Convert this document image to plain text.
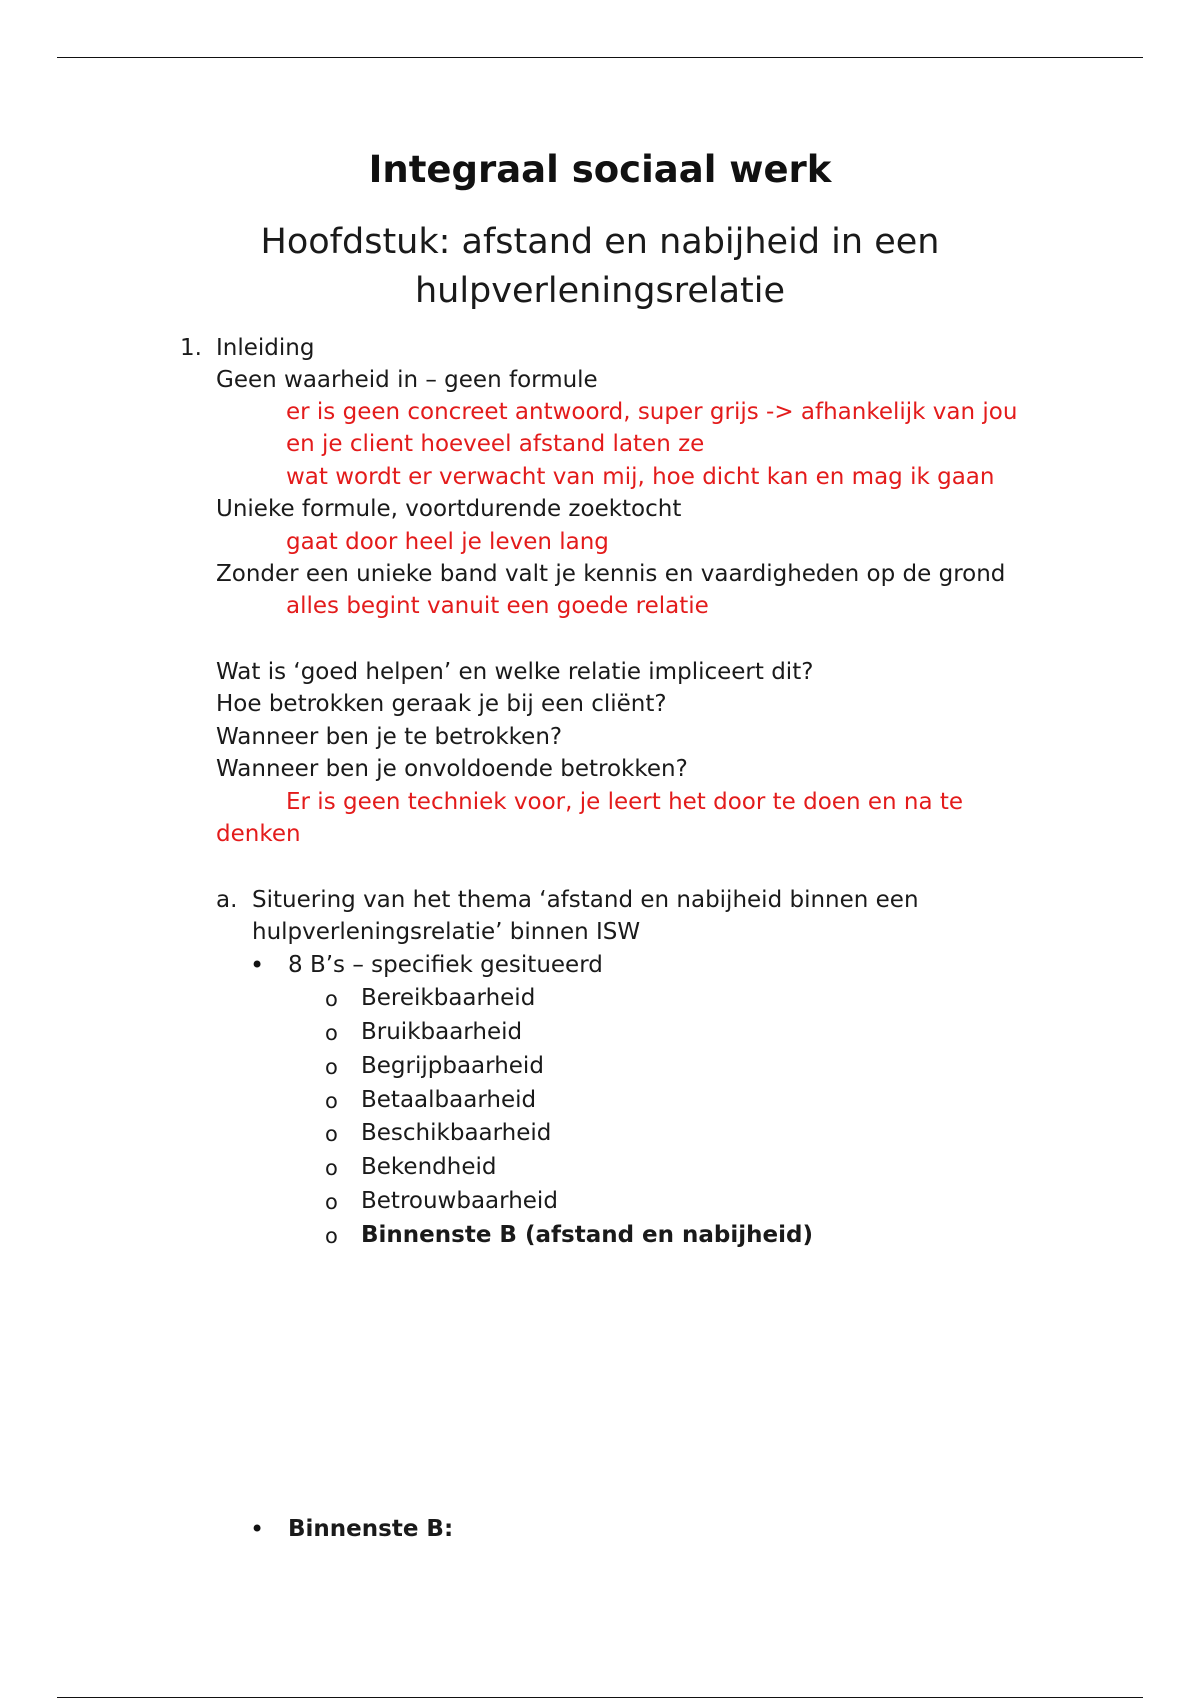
Integraal sociaal werk
Hoofdstuk: afstand en nabijheid in een hulpverleningsrelatie
1. Inleiding
Geen waarheid in – geen formule
er is geen concreet antwoord, super grijs -> afhankelijk van jou
en je client hoeveel afstand laten ze
wat wordt er verwacht van mij, hoe dicht kan en mag ik gaan
Unieke formule, voortdurende zoektocht
gaat door heel je leven lang
Zonder een unieke band valt je kennis en vaardigheden op de grond
alles begint vanuit een goede relatie
Wat is ‘goed helpen’ en welke relatie impliceert dit?
Hoe betrokken geraak je bij een cliënt?
Wanneer ben je te betrokken?
Wanneer ben je onvoldoende betrokken?
Er is geen techniek voor, je leert het door te doen en na te
denken
a. Situering van het thema ‘afstand en nabijheid binnen een
hulpverleningsrelatie’ binnen ISW
• 8 B’s – specifiek gesitueerd
o Bereikbaarheid
o Bruikbaarheid
o Begrijpbaarheid
o Betaalbaarheid
o Beschikbaarheid
o Bekendheid
o Betrouwbaarheid
o Binnenste B (afstand en nabijheid)
• Binnenste B:
